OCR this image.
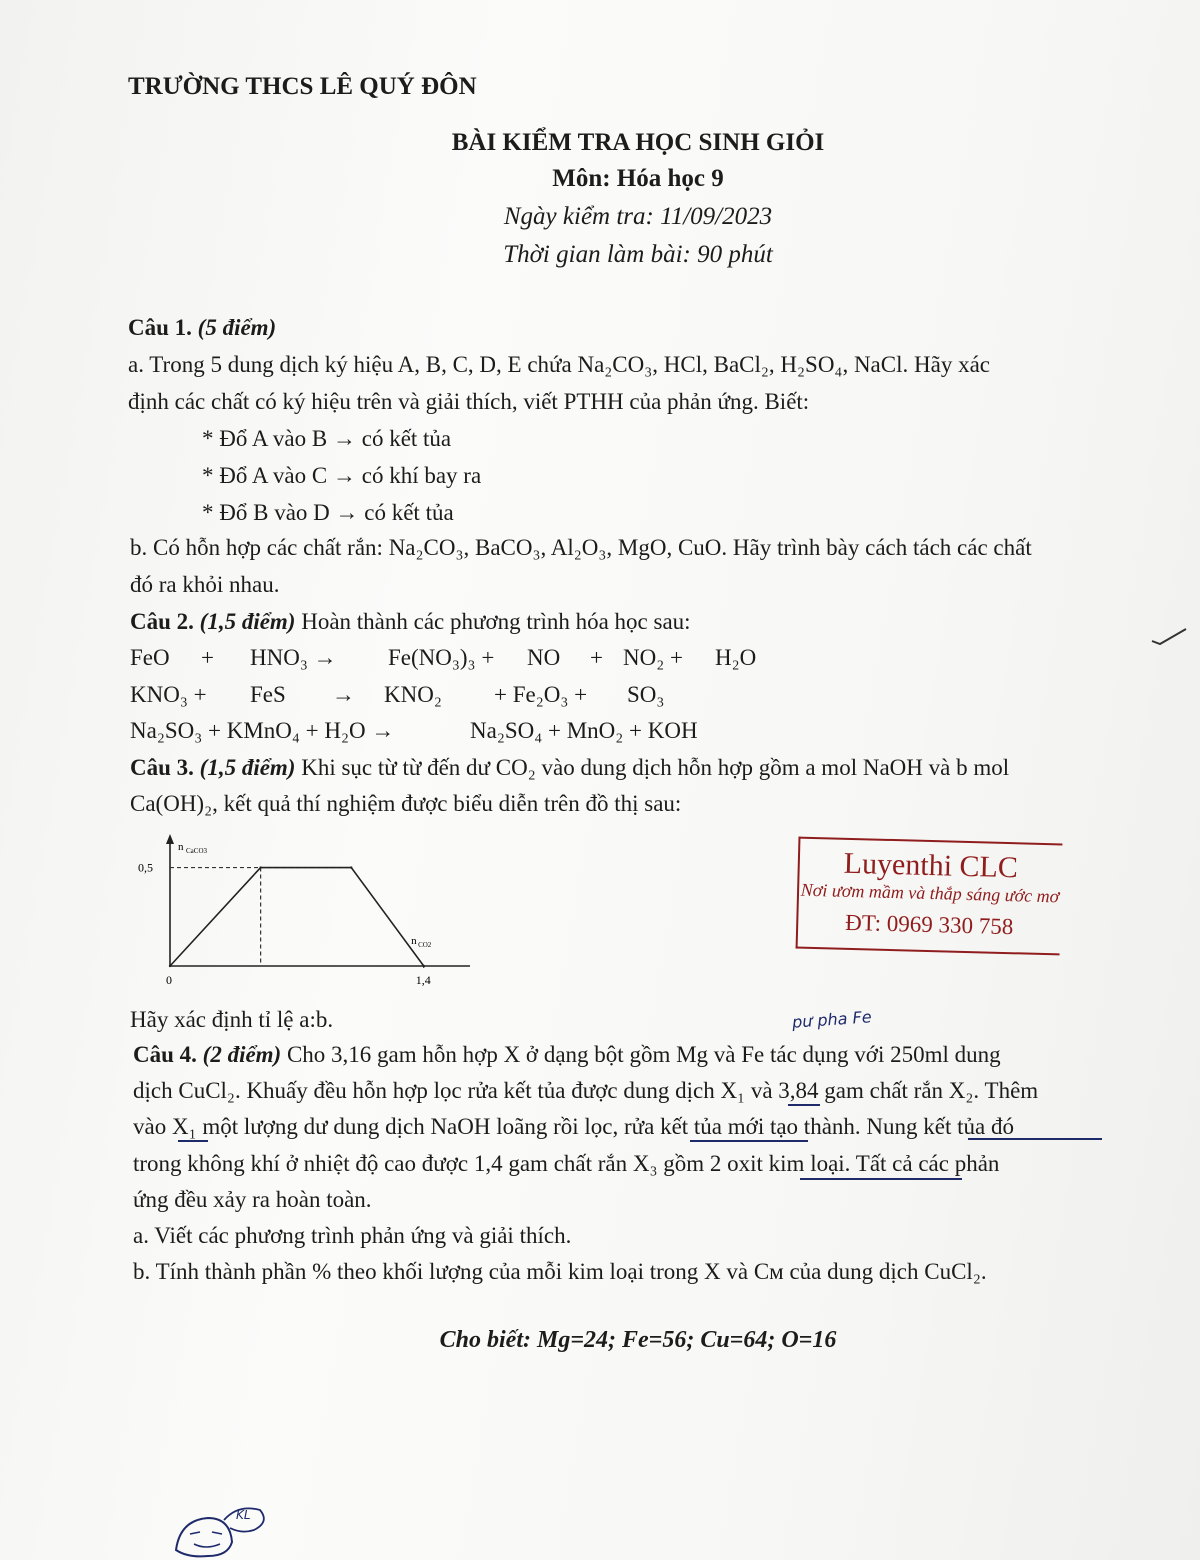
TRƯỜNG THCS LÊ QUÝ ĐÔN
BÀI KIỂM TRA HỌC SINH GIỎI
Môn: Hóa học 9
Ngày kiểm tra: 11/09/2023
Thời gian làm bài: 90 phút
Câu 1. (5 điểm)
a. Trong 5 dung dịch ký hiệu A, B, C, D, E chứa Na₂CO₃, HCl, BaCl₂, H₂SO₄, NaCl. Hãy xác
định các chất có ký hiệu trên và giải thích, viết PTHH của phản ứng. Biết:
* Đổ A vào B → có kết tủa
* Đổ A vào C → có khí bay ra
* Đổ B vào D → có kết tủa
b. Có hỗn hợp các chất rắn: Na₂CO₃, BaCO₃, Al₂O₃, MgO, CuO. Hãy trình bày cách tách các chất
đó ra khỏi nhau.
Câu 2. (1,5 điểm) Hoàn thành các phương trình hóa học sau:
FeO + HNO₃ → Fe(NO₃)₃ + NO + NO₂ + H₂O
KNO₃ + FeS → KNO₂ + Fe₂O₃ + SO₃
Na₂SO₃ + KMnO₄ + H₂O →	Na₂SO₄ + MnO₂ + KOH
Câu 3. (1,5 điểm) Khi sục từ từ đến dư CO₂ vào dung dịch hỗn hợp gồm a mol NaOH và b mol
Ca(OH)₂, kết quả thí nghiệm được biểu diễn trên đồ thị sau:
n CaCO3
n CO2
0,5
0	1,4
Luyenthi CLC
Nơi ươm mầm và thắp sáng ước mơ
ĐT: 0969 330 758
Hãy xác định tỉ lệ a:b.
Câu 4. (2 điểm) Cho 3,16 gam hỗn hợp X ở dạng bột gồm Mg và Fe tác dụng với 250ml dung
dịch CuCl₂. Khuấy đều hỗn hợp lọc rửa kết tủa được dung dịch X₁ và 3,84 gam chất rắn X₂. Thêm
vào X₁ một lượng dư dung dịch NaOH loãng rồi lọc, rửa kết tủa mới tạo thành. Nung kết tủa đó
trong không khí ở nhiệt độ cao được 1,4 gam chất rắn X₃ gồm 2 oxit kim loại. Tất cả các phản
ứng đều xảy ra hoàn toàn.
a. Viết các phương trình phản ứng và giải thích.
b. Tính thành phần % theo khối lượng của mỗi kim loại trong X và Cᴍ của dung dịch CuCl₂.
Cho biết: Mg=24; Fe=56; Cu=64; O=16
pư pha Fe
KL
